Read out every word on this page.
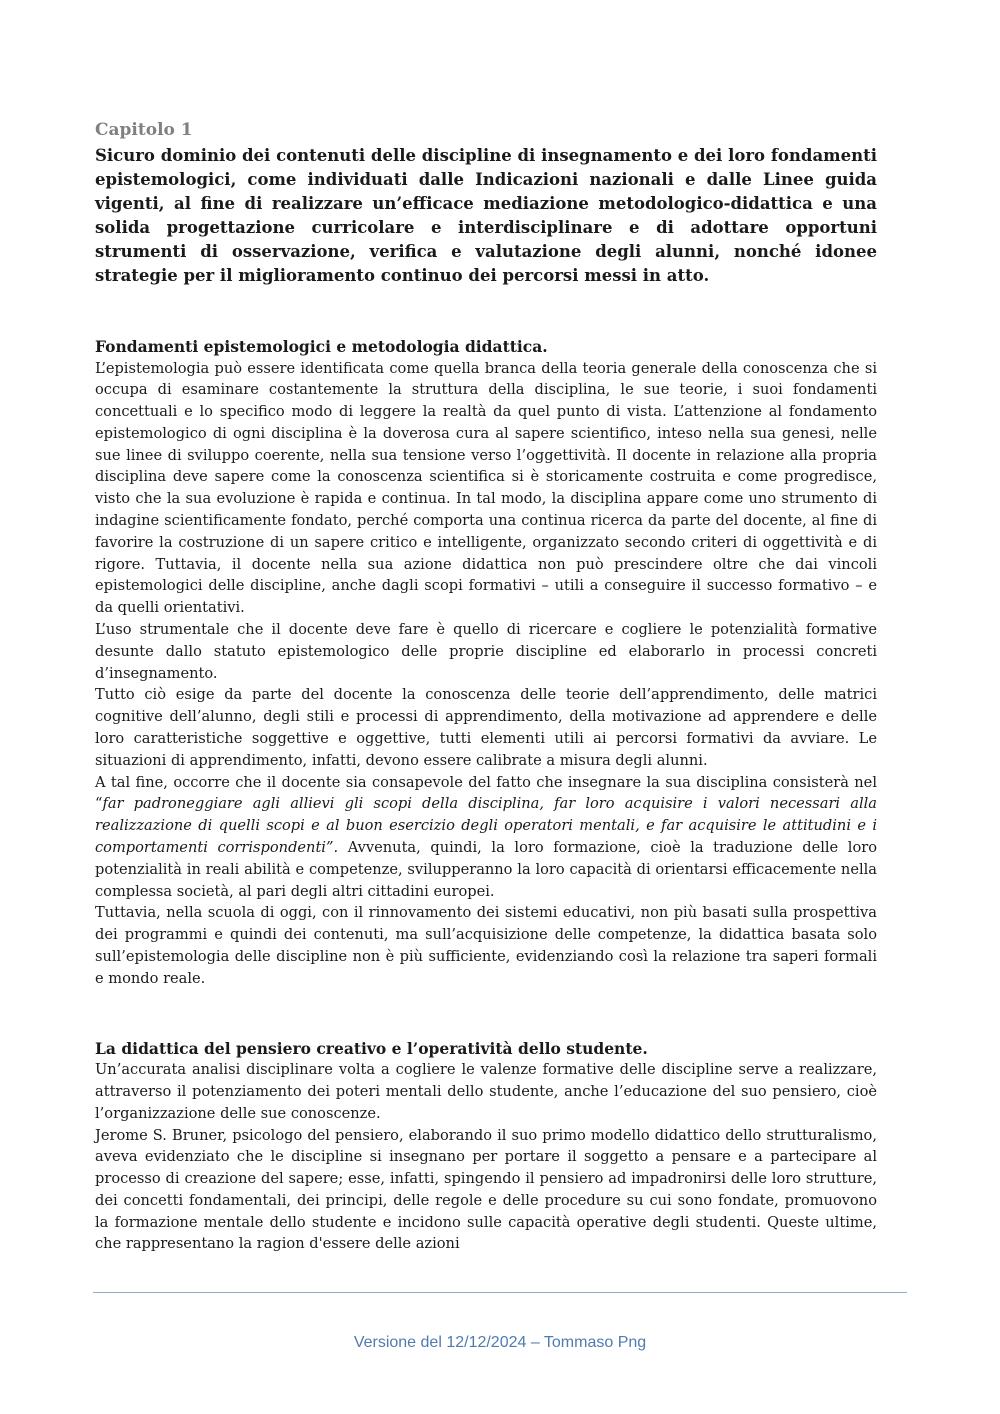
Capitolo 1

Sicuro dominio dei contenuti delle discipline di insegnamento e dei loro fondamenti epistemologici, come individuati dalle Indicazioni nazionali e dalle Linee guida vigenti, al fine di realizzare un’efficace mediazione metodologico-didattica e una solida progettazione curricolare e interdisciplinare e di adottare opportuni strumenti di osservazione, verifica e valutazione degli alunni, nonché idonee strategie per il miglioramento continuo dei percorsi messi in atto.

Fondamenti epistemologici e metodologia didattica.

L’epistemologia può essere identificata come quella branca della teoria generale della conoscenza che si occupa di esaminare costantemente la struttura della disciplina, le sue teorie, i suoi fondamenti concettuali e lo specifico modo di leggere la realtà da quel punto di vista. L’attenzione al fondamento epistemologico di ogni disciplina è la doverosa cura al sapere scientifico, inteso nella sua genesi, nelle sue linee di sviluppo coerente, nella sua tensione verso l’oggettività. Il docente in relazione alla propria disciplina deve sapere come la conoscenza scientifica si è storicamente costruita e come progredisce, visto che la sua evoluzione è rapida e continua. In tal modo, la disciplina appare come uno strumento di indagine scientificamente fondato, perché comporta una continua ricerca da parte del docente, al fine di favorire la costruzione di un sapere critico e intelligente, organizzato secondo criteri di oggettività e di rigore. Tuttavia, il docente nella sua azione didattica non può prescindere oltre che dai vincoli epistemologici delle discipline, anche dagli scopi formativi – utili a conseguire il successo formativo – e da quelli orientativi.

L’uso strumentale che il docente deve fare è quello di ricercare e cogliere le potenzialità formative desunte dallo statuto epistemologico delle proprie discipline ed elaborarlo in processi concreti d’insegnamento.

Tutto ciò esige da parte del docente la conoscenza delle teorie dell’apprendimento, delle matrici cognitive dell’alunno, degli stili e processi di apprendimento, della motivazione ad apprendere e delle loro caratteristiche soggettive e oggettive, tutti elementi utili ai percorsi formativi da avviare. Le situazioni di apprendimento, infatti, devono essere calibrate a misura degli alunni.

A tal fine, occorre che il docente sia consapevole del fatto che insegnare la sua disciplina consisterà nel “far padroneggiare agli allievi gli scopi della disciplina, far loro acquisire i valori necessari alla realizzazione di quelli scopi e al buon esercizio degli operatori mentali, e far acquisire le attitudini e i comportamenti corrispondenti”. Avvenuta, quindi, la loro formazione, cioè la traduzione delle loro potenzialità in reali abilità e competenze, svilupperanno la loro capacità di orientarsi efficacemente nella complessa società, al pari degli altri cittadini europei.

Tuttavia, nella scuola di oggi, con il rinnovamento dei sistemi educativi, non più basati sulla prospettiva dei programmi e quindi dei contenuti, ma sull’acquisizione delle competenze, la didattica basata solo sull’epistemologia delle discipline non è più sufficiente, evidenziando così la relazione tra saperi formali e mondo reale.

La didattica del pensiero creativo e l’operatività dello studente.

Un’accurata analisi disciplinare volta a cogliere le valenze formative delle discipline serve a realizzare, attraverso il potenziamento dei poteri mentali dello studente, anche l’educazione del suo pensiero, cioè l’organizzazione delle sue conoscenze.

Jerome S. Bruner, psicologo del pensiero, elaborando il suo primo modello didattico dello strutturalismo, aveva evidenziato che le discipline si insegnano per portare il soggetto a pensare e a partecipare al processo di creazione del sapere; esse, infatti, spingendo il pensiero ad impadronirsi delle loro strutture, dei concetti fondamentali, dei principi, delle regole e delle procedure su cui sono fondate, promuovono la formazione mentale dello studente e incidono sulle capacità operative degli studenti. Queste ultime, che rappresentano la ragion d'essere delle azioni

Versione del 12/12/2024 – Tommaso Png
